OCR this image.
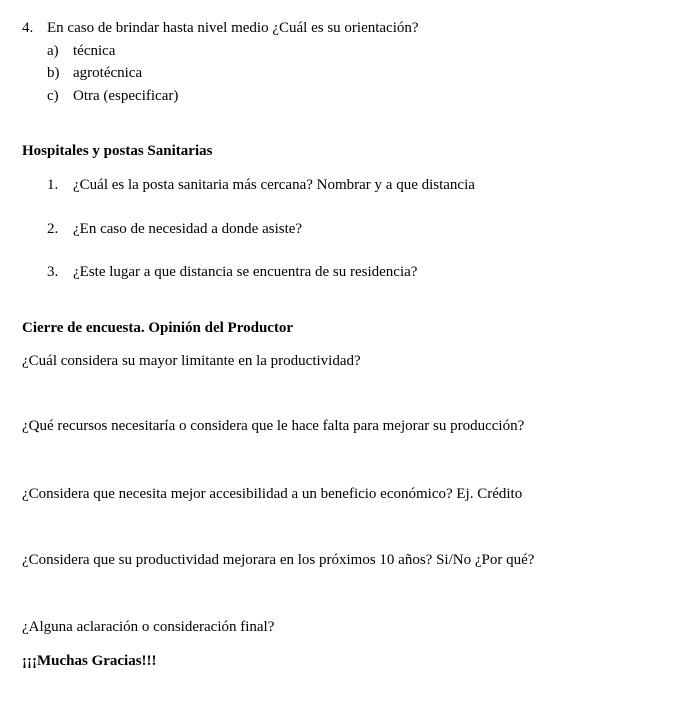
4. En caso de brindar hasta nivel medio ¿Cuál es su orientación?
a) técnica
b) agrotécnica
c) Otra (especificar)
Hospitales y postas Sanitarias
1. ¿Cuál es la posta sanitaria más cercana? Nombrar y a que distancia
2. ¿En caso de necesidad a donde asiste?
3. ¿Este lugar a que distancia se encuentra de su residencia?
Cierre de encuesta. Opinión del Productor
¿Cuál considera su mayor limitante en la productividad?
¿Qué recursos necesitaría o considera que le hace falta para mejorar su producción?
¿Considera que necesita mejor accesibilidad a un beneficio económico? Ej. Crédito
¿Considera que su productividad mejorara en los próximos 10 años? Si/No ¿Por qué?
¿Alguna aclaración o consideración final?
¡¡¡Muchas Gracias!!!
